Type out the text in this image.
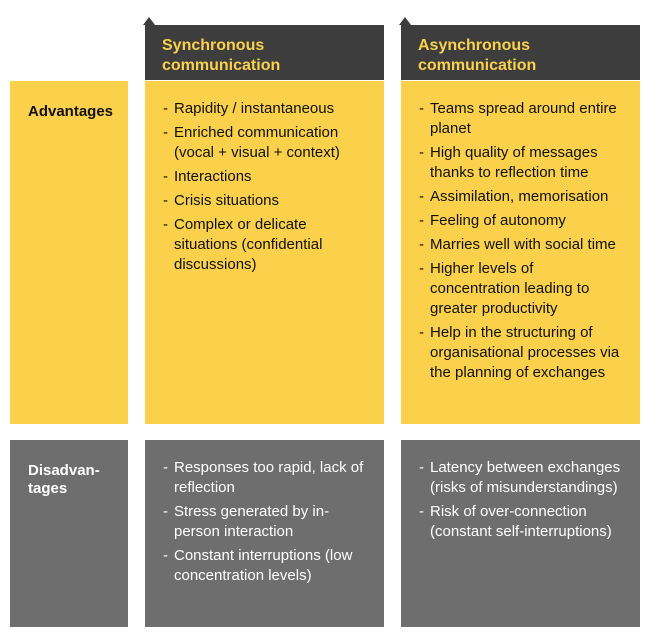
Synchronous
communication
Asynchronous
communication
Advantages
-	Rapidity / instantaneous
- Enriched communication (vocal + visual + context)
- Interactions
- Crisis situations
- Complex or delicate situations (confidential discussions)
- Teams spread around entire planet
- High quality of messages thanks to reflection time
- Assimilation, memorisation
- Feeling of autonomy
- Marries well with social time
- Higher levels of concentration leading to greater productivity
- Help in the structuring of organisational processes via the planning of exchanges
Disadvan-
tages
- Responses too rapid, lack of reflection
- Stress generated by in-person interaction
- Constant interruptions (low concentration levels)
- Latency between exchanges (risks of misunderstandings)
- Risk of over-connection (constant self-interruptions)
